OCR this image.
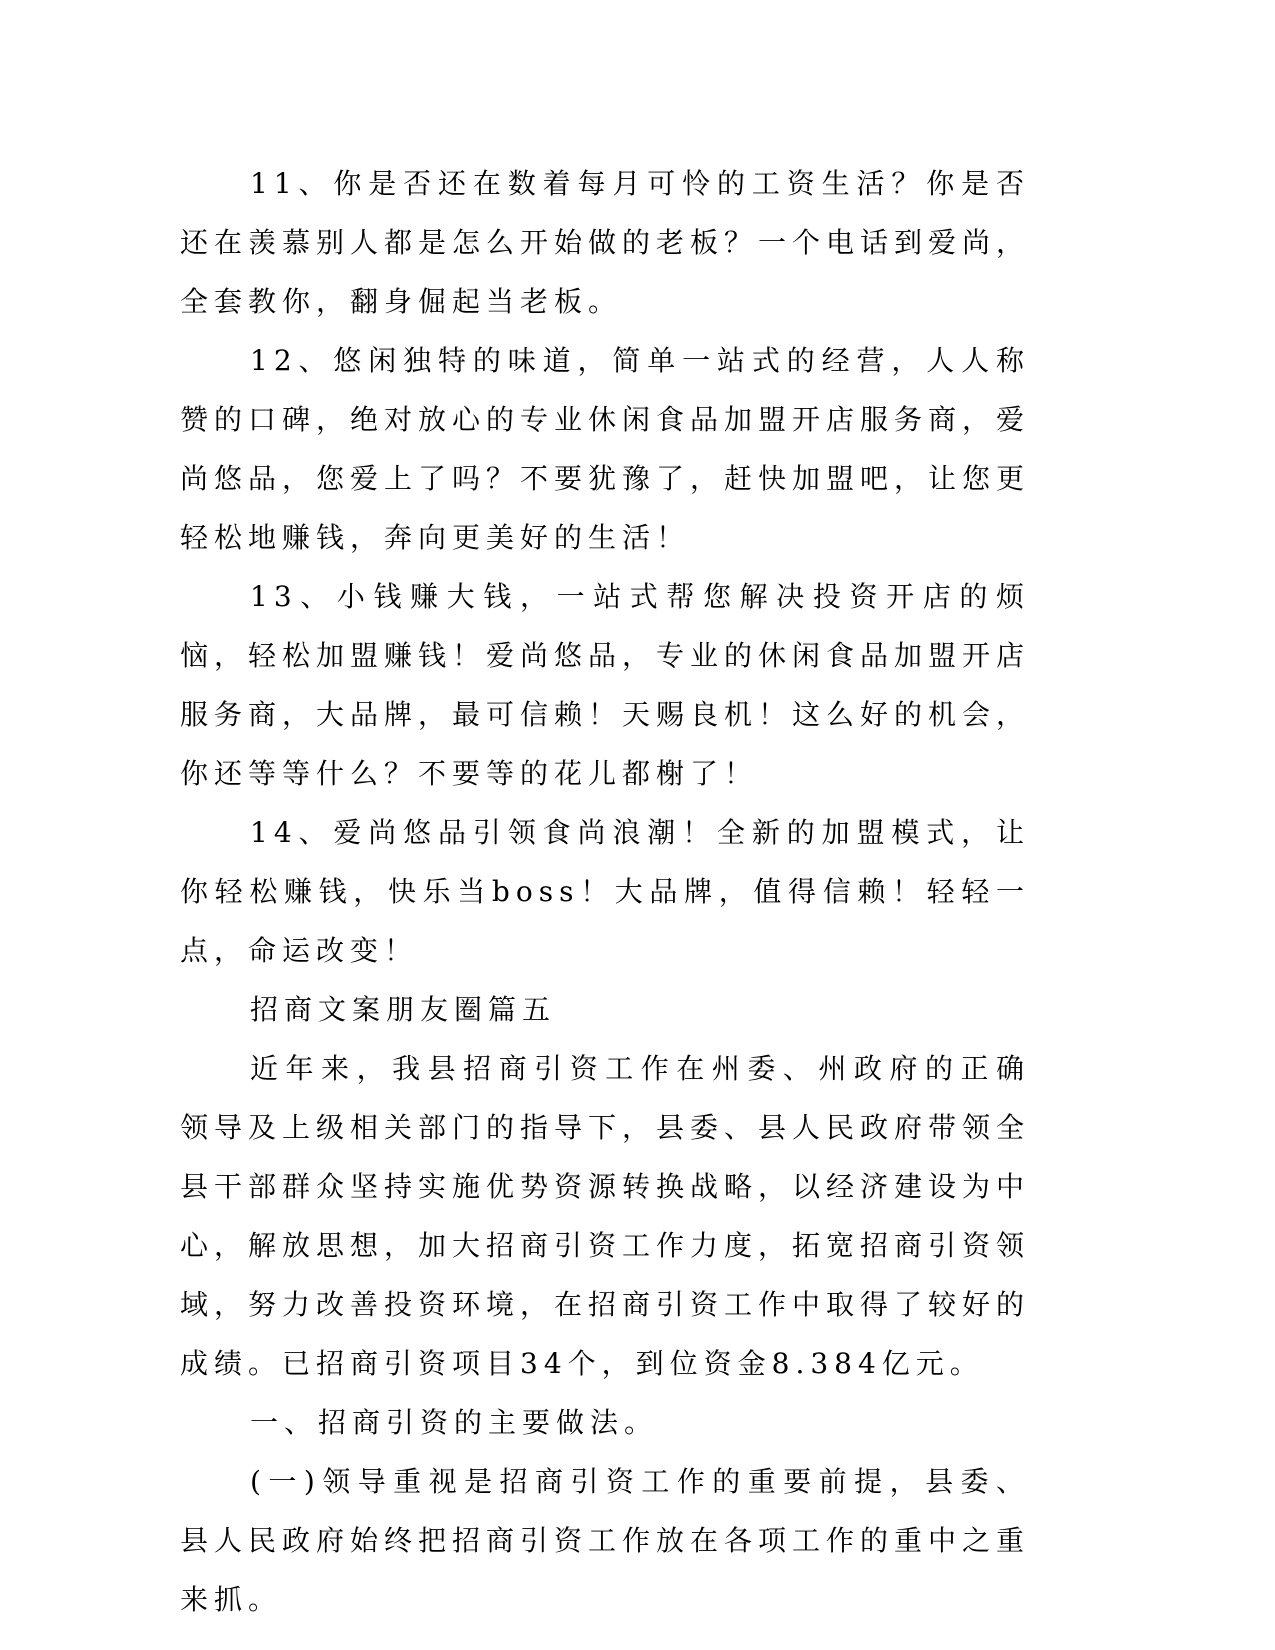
11、你是否还在数着每月可怜的工资生活？你是否还在羡慕别人都是怎么开始做的老板？一个电话到爱尚，全套教你，翻身倔起当老板。

12、悠闲独特的味道，简单一站式的经营，人人称赞的口碑，绝对放心的专业休闲食品加盟开店服务商，爱尚悠品，您爱上了吗？不要犹豫了，赶快加盟吧，让您更轻松地赚钱，奔向更美好的生活！

13、小钱赚大钱，一站式帮您解决投资开店的烦恼，轻松加盟赚钱！爱尚悠品，专业的休闲食品加盟开店服务商，大品牌，最可信赖！天赐良机！这么好的机会，你还等等什么？不要等的花儿都榭了！

14、爱尚悠品引领食尚浪潮！全新的加盟模式，让你轻松赚钱，快乐当boss！大品牌，值得信赖！轻轻一点，命运改变！

招商文案朋友圈篇五

近年来，我县招商引资工作在州委、州政府的正确领导及上级相关部门的指导下，县委、县人民政府带领全县干部群众坚持实施优势资源转换战略，以经济建设为中心，解放思想，加大招商引资工作力度，拓宽招商引资领域，努力改善投资环境，在招商引资工作中取得了较好的成绩。已招商引资项目34个，到位资金8.384亿元。

一、招商引资的主要做法。

(一)领导重视是招商引资工作的重要前提，县委、县人民政府始终把招商引资工作放在各项工作的重中之重来抓。
